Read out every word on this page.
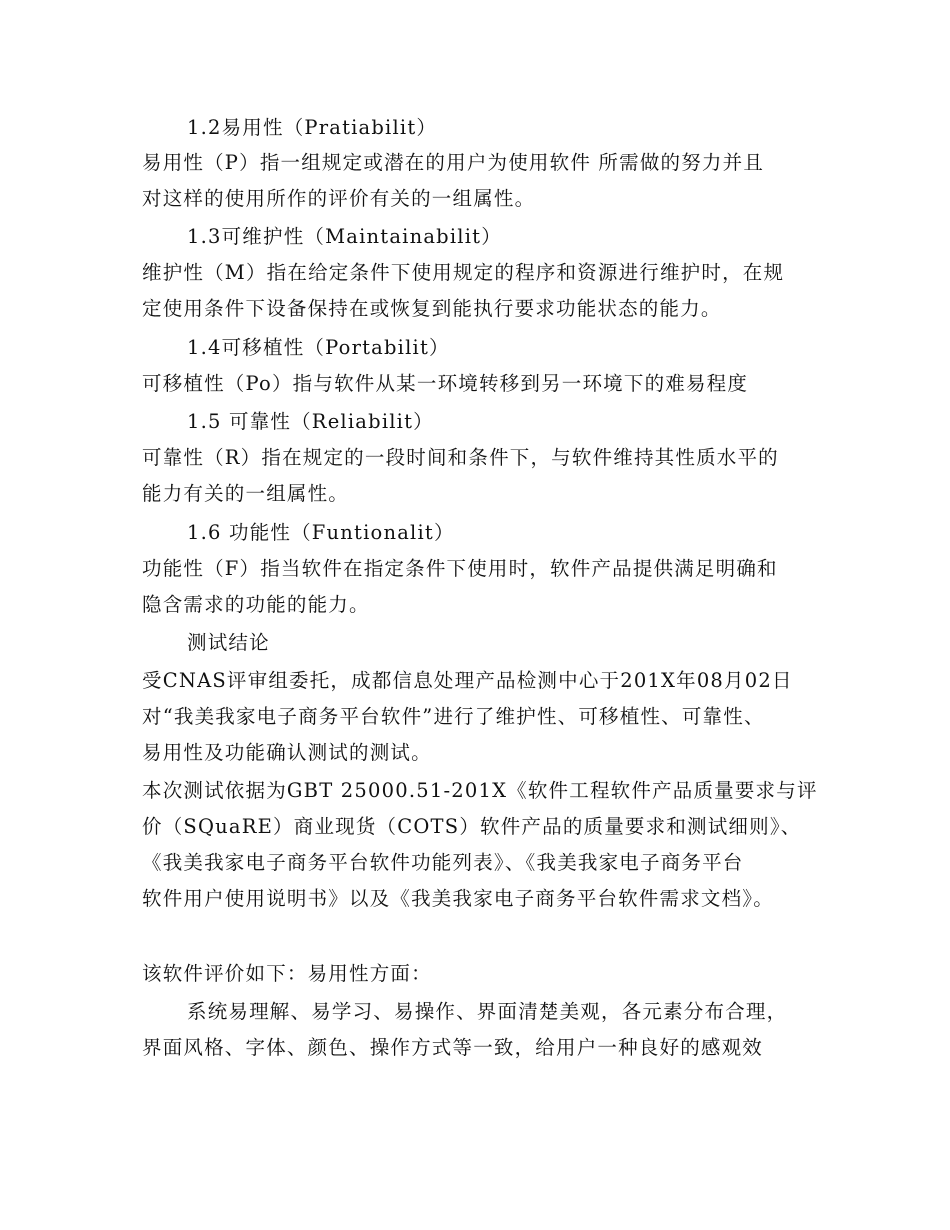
1.2易用性（Pratiabilit）
易用性（P）指一组规定或潜在的用户为使用软件 所需做的努力并且
对这样的使用所作的评价有关的一组属性。
1.3可维护性（Maintainabilit）
维护性（M）指在给定条件下使用规定的程序和资源进行维护时，在规
定使用条件下设备保持在或恢复到能执行要求功能状态的能力。
1.4可移植性（Portabilit）
可移植性（Po）指与软件从某一环境转移到另一环境下的难易程度
1.5 可靠性（Reliabilit）
可靠性（R）指在规定的一段时间和条件下，与软件维持其性质水平的
能力有关的一组属性。
1.6 功能性（Funtionalit）
功能性（F）指当软件在指定条件下使用时，软件产品提供满足明确和
隐含需求的功能的能力。
测试结论
受CNAS评审组委托，成都信息处理产品检测中心于201X年08月02日
对“我美我家电子商务平台软件”进行了维护性、可移植性、可靠性、
易用性及功能确认测试的测试。
本次测试依据为GBT 25000.51-201X《软件工程软件产品质量要求与评
价（SQuaRE）商业现货（COTS）软件产品的质量要求和测试细则》、
《我美我家电子商务平台软件功能列表》、《我美我家电子商务平台
软件用户使用说明书》以及《我美我家电子商务平台软件需求文档》。
该软件评价如下：易用性方面：
系统易理解、易学习、易操作、界面清楚美观，各元素分布合理，
界面风格、字体、颜色、操作方式等一致，给用户一种良好的感观效
